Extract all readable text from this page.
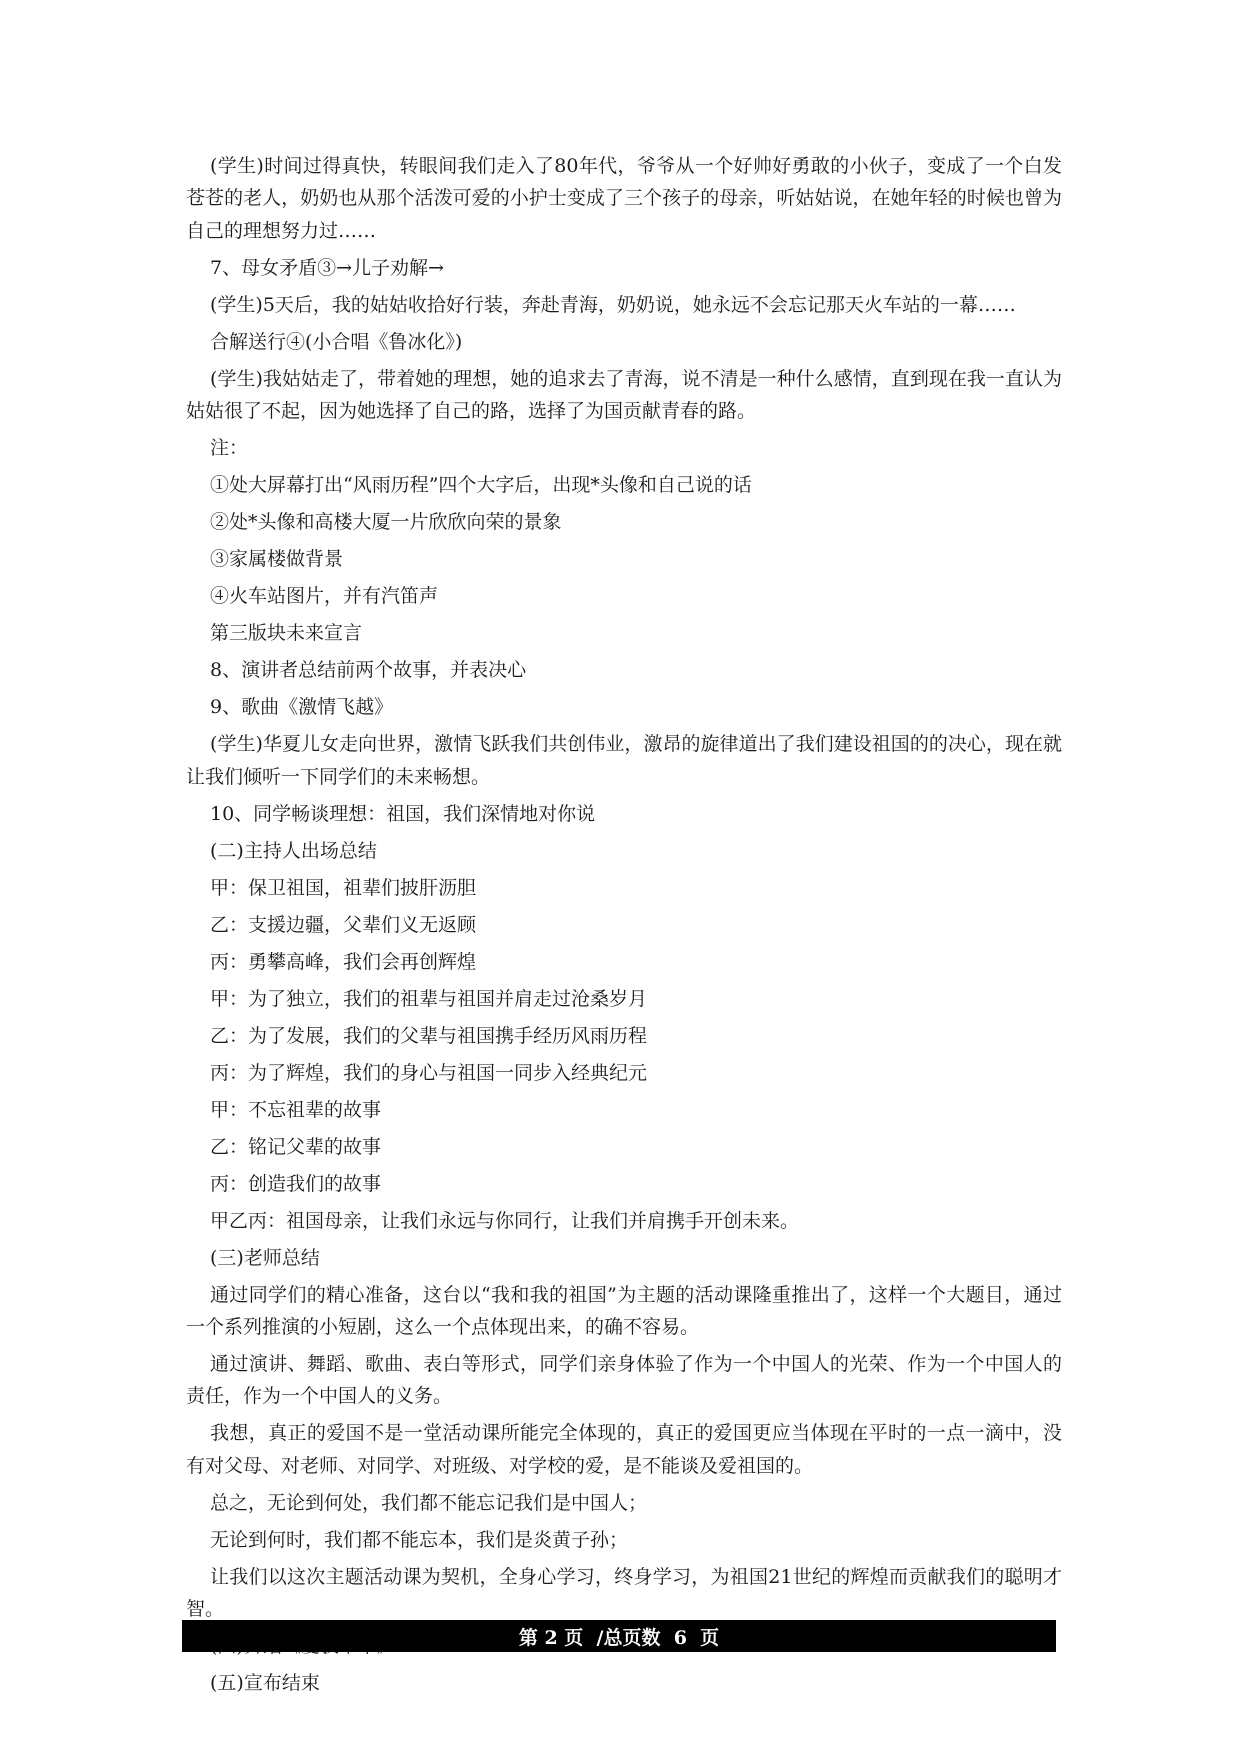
(学生)时间过得真快，转眼间我们走入了80年代，爷爷从一个好帅好勇敢的小伙子，变成了一个白发苍苍的老人，奶奶也从那个活泼可爱的小护士变成了三个孩子的母亲，听姑姑说，在她年轻的时候也曾为自己的理想努力过……

7、母女矛盾③→儿子劝解→

(学生)5天后，我的姑姑收拾好行装，奔赴青海，奶奶说，她永远不会忘记那天火车站的一幕……

合解送行④(小合唱《鲁冰化》)

(学生)我姑姑走了，带着她的理想，她的追求去了青海，说不清是一种什么感情，直到现在我一直认为姑姑很了不起，因为她选择了自己的路，选择了为国贡献青春的路。

注：

①处大屏幕打出“风雨历程”四个大字后，出现*头像和自己说的话

②处*头像和高楼大厦一片欣欣向荣的景象

③家属楼做背景

④火车站图片，并有汽笛声

第三版块未来宣言

8、演讲者总结前两个故事，并表决心

9、歌曲《激情飞越》

(学生)华夏儿女走向世界，激情飞跃我们共创伟业，激昂的旋律道出了我们建设祖国的的决心，现在就让我们倾听一下同学们的未来畅想。

10、同学畅谈理想：祖国，我们深情地对你说

(二)主持人出场总结

甲：保卫祖国，祖辈们披肝沥胆

乙：支援边疆，父辈们义无返顾

丙：勇攀高峰，我们会再创辉煌

甲：为了独立，我们的祖辈与祖国并肩走过沧桑岁月

乙：为了发展，我们的父辈与祖国携手经历风雨历程

丙：为了辉煌，我们的身心与祖国一同步入经典纪元

甲：不忘祖辈的故事

乙：铭记父辈的故事

丙：创造我们的故事

甲乙丙：祖国母亲，让我们永远与你同行，让我们并肩携手开创未来。

(三)老师总结

通过同学们的精心准备，这台以“我和我的祖国”为主题的活动课隆重推出了，这样一个大题目，通过一个系列推演的小短剧，这么一个点体现出来，的确不容易。

通过演讲、舞蹈、歌曲、表白等形式，同学们亲身体验了作为一个中国人的光荣、作为一个中国人的责任，作为一个中国人的义务。

我想，真正的爱国不是一堂活动课所能完全体现的，真正的爱国更应当体现在平时的一点一滴中，没有对父母、对老师、对同学、对班级、对学校的爱，是不能谈及爱祖国的。

总之，无论到何处，我们都不能忘记我们是中国人；

无论到何时，我们都不能忘本，我们是炎黄子孙；

让我们以这次主题活动课为契机，全身心学习，终身学习，为祖国21世纪的辉煌而贡献我们的聪明才智。

(五)宣布结束

第 2 页  /总页数  6  页
